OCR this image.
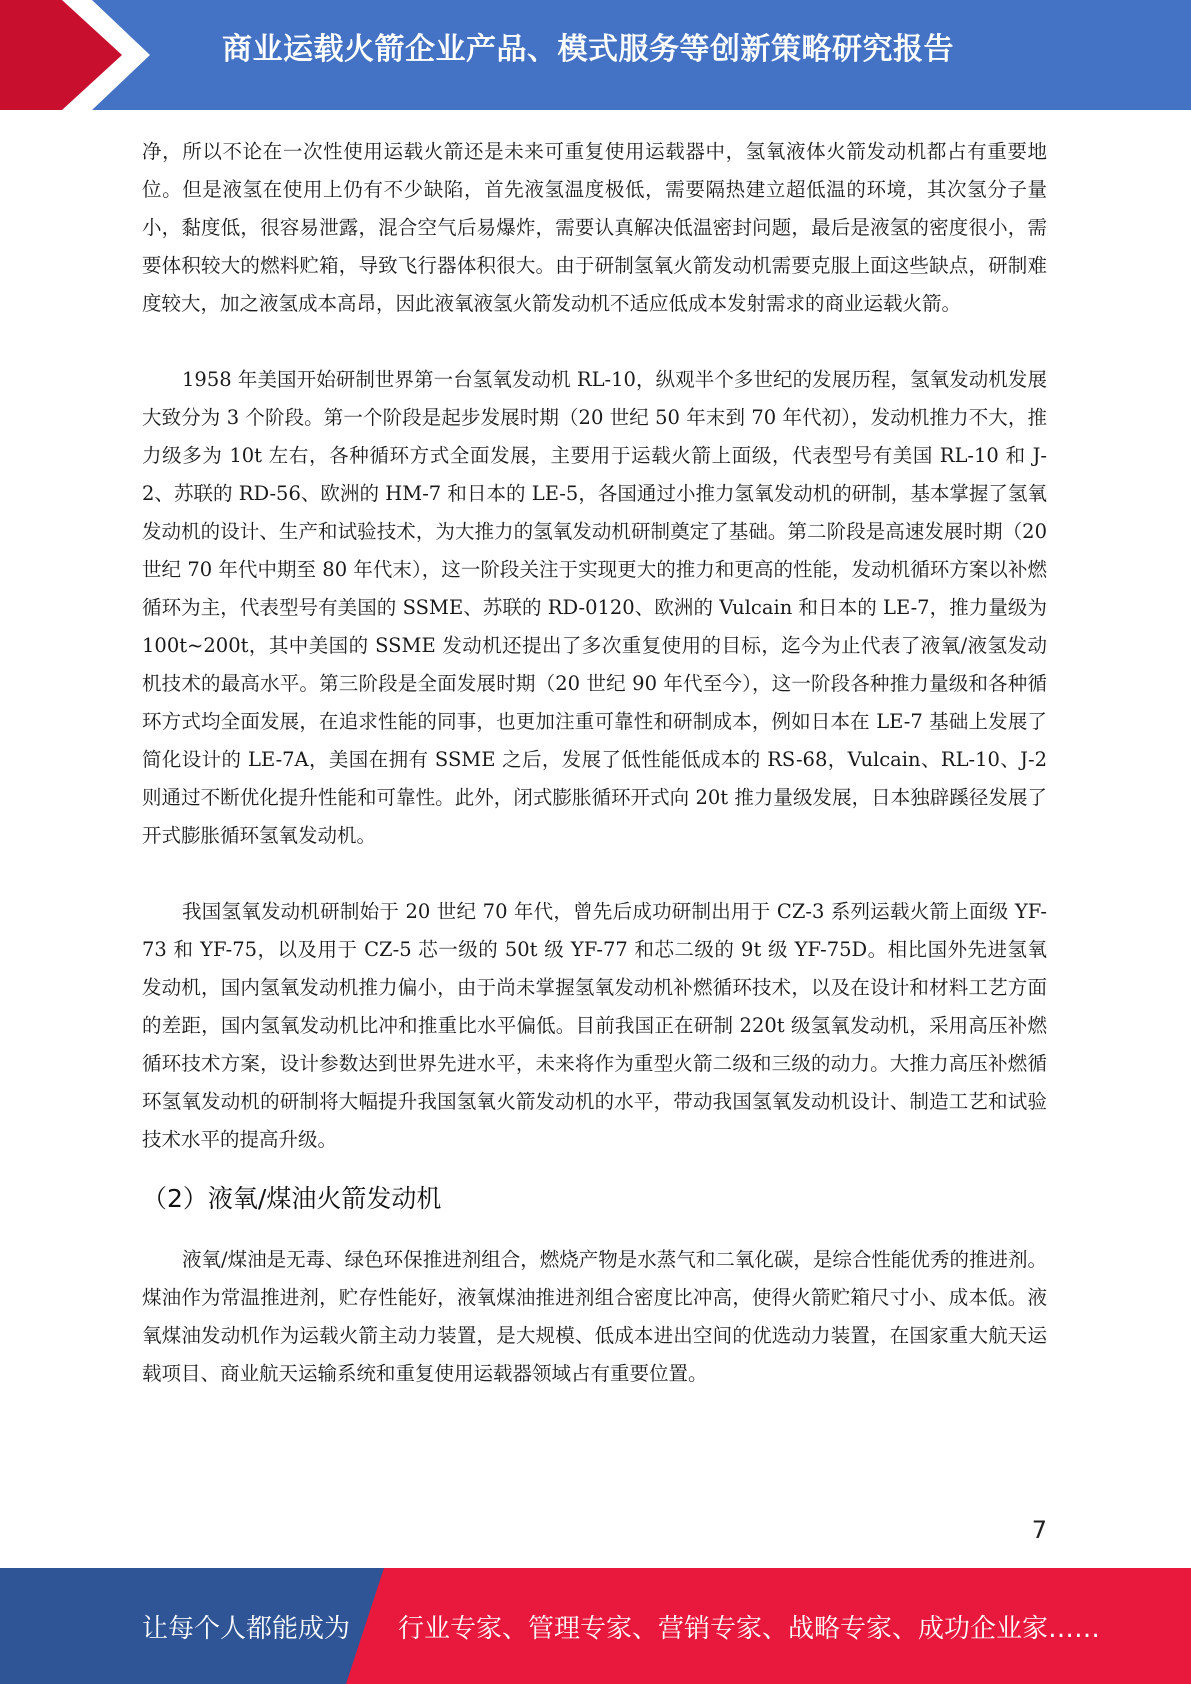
商业运载火箭企业产品、模式服务等创新策略研究报告

净，所以不论在一次性使用运载火箭还是未来可重复使用运载器中，氢氧液体火箭发动机都占有重要地位。但是液氢在使用上仍有不少缺陷，首先液氢温度极低，需要隔热建立超低温的环境，其次氢分子量小，黏度低，很容易泄露，混合空气后易爆炸，需要认真解决低温密封问题，最后是液氢的密度很小，需要体积较大的燃料贮箱，导致飞行器体积很大。由于研制氢氧火箭发动机需要克服上面这些缺点，研制难度较大，加之液氢成本高昂，因此液氧液氢火箭发动机不适应低成本发射需求的商业运载火箭。

1958 年美国开始研制世界第一台氢氧发动机 RL-10，纵观半个多世纪的发展历程，氢氧发动机发展大致分为 3 个阶段。第一个阶段是起步发展时期（20 世纪 50 年末到 70 年代初），发动机推力不大，推力级多为 10t 左右，各种循环方式全面发展，主要用于运载火箭上面级，代表型号有美国 RL-10 和 J-2、苏联的 RD-56、欧洲的 HM-7 和日本的 LE-5，各国通过小推力氢氧发动机的研制，基本掌握了氢氧发动机的设计、生产和试验技术，为大推力的氢氧发动机研制奠定了基础。第二阶段是高速发展时期（20 世纪 70 年代中期至 80 年代末），这一阶段关注于实现更大的推力和更高的性能，发动机循环方案以补燃循环为主，代表型号有美国的 SSME、苏联的 RD-0120、欧洲的 Vulcain 和日本的 LE-7，推力量级为 100t~200t，其中美国的 SSME 发动机还提出了多次重复使用的目标，迄今为止代表了液氧/液氢发动机技术的最高水平。第三阶段是全面发展时期（20 世纪 90 年代至今），这一阶段各种推力量级和各种循环方式均全面发展，在追求性能的同事，也更加注重可靠性和研制成本，例如日本在 LE-7 基础上发展了简化设计的 LE-7A，美国在拥有 SSME 之后，发展了低性能低成本的 RS-68，Vulcain、RL-10、J-2 则通过不断优化提升性能和可靠性。此外，闭式膨胀循环开式向 20t 推力量级发展，日本独辟蹊径发展了开式膨胀循环氢氧发动机。

我国氢氧发动机研制始于 20 世纪 70 年代，曾先后成功研制出用于 CZ-3 系列运载火箭上面级 YF-73 和 YF-75，以及用于 CZ-5 芯一级的 50t 级 YF-77 和芯二级的 9t 级 YF-75D。相比国外先进氢氧发动机，国内氢氧发动机推力偏小，由于尚未掌握氢氧发动机补燃循环技术，以及在设计和材料工艺方面的差距，国内氢氧发动机比冲和推重比水平偏低。目前我国正在研制 220t 级氢氧发动机，采用高压补燃循环技术方案，设计参数达到世界先进水平，未来将作为重型火箭二级和三级的动力。大推力高压补燃循环氢氧发动机的研制将大幅提升我国氢氧火箭发动机的水平，带动我国氢氧发动机设计、制造工艺和试验技术水平的提高升级。

（2）液氧/煤油火箭发动机

液氧/煤油是无毒、绿色环保推进剂组合，燃烧产物是水蒸气和二氧化碳，是综合性能优秀的推进剂。煤油作为常温推进剂，贮存性能好，液氧煤油推进剂组合密度比冲高，使得火箭贮箱尺寸小、成本低。液氧煤油发动机作为运载火箭主动力装置，是大规模、低成本进出空间的优选动力装置，在国家重大航天运载项目、商业航天运输系统和重复使用运载器领域占有重要位置。

7
让每个人都能成为 行业专家、管理专家、营销专家、战略专家、成功企业家……
